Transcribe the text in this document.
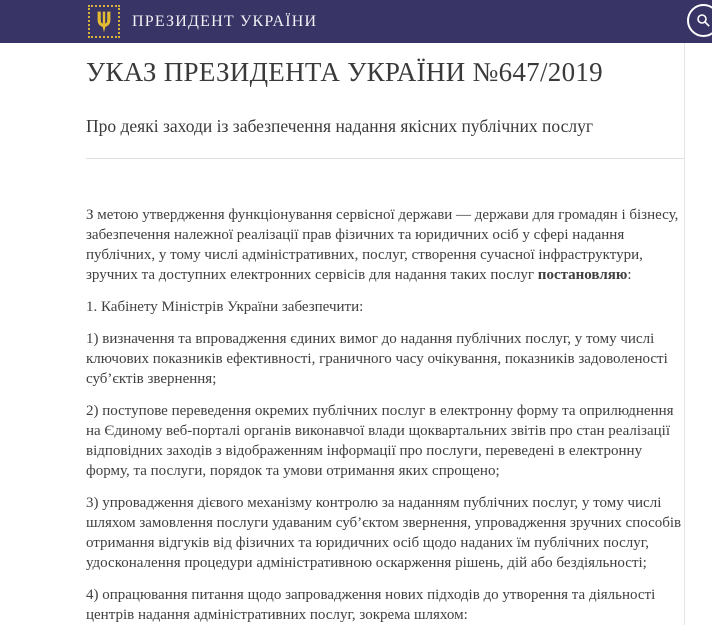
ПРЕЗИДЕНТ УКРАЇНИ
УКАЗ ПРЕЗИДЕНТА УКРАЇНИ №647/2019
Про деякі заходи із забезпечення надання якісних публічних послуг

З метою утвердження функціонування сервісної держави — держави для громадян і бізнесу, забезпечення належної реалізації прав фізичних та юридичних осіб у сфері надання публічних, у тому числі адміністративних, послуг, створення сучасної інфраструктури, зручних та доступних електронних сервісів для надання таких послуг постановляю:

1. Кабінету Міністрів України забезпечити:

1) визначення та впровадження єдиних вимог до надання публічних послуг, у тому числі ключових показників ефективності, граничного часу очікування, показників задоволеності суб’єктів звернення;

2) поступове переведення окремих публічних послуг в електронну форму та оприлюднення на Єдиному веб-порталі органів виконавчої влади щоквартальних звітів про стан реалізації відповідних заходів з відображенням інформації про послуги, переведені в електронну форму, та послуги, порядок та умови отримання яких спрощено;

3) упровадження дієвого механізму контролю за наданням публічних послуг, у тому числі шляхом замовлення послуги удаваним суб’єктом звернення, упровадження зручних способів отримання відгуків від фізичних та юридичних осіб щодо наданих їм публічних послуг, удосконалення процедури адміністративною оскарження рішень, дій або бездіяльності;

4) опрацювання питання щодо запровадження нових підходів до утворення та діяльності центрів надання адміністративних послуг, зокрема шляхом:
